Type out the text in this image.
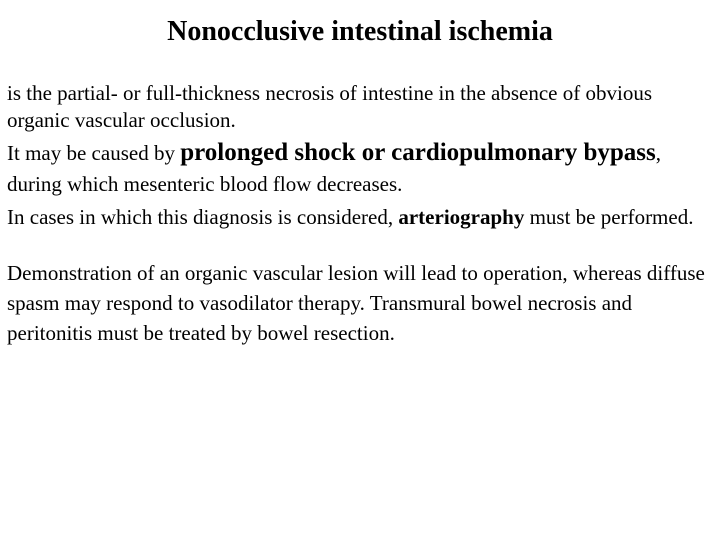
Nonocclusive intestinal ischemia

is the partial- or full-thickness necrosis of intestine in the absence of obvious organic vascular occlusion.

It may be caused by prolonged shock or cardiopulmonary bypass, during which mesenteric blood flow decreases.

In cases in which this diagnosis is considered, arteriography must be performed.

Demonstration of an organic vascular lesion will lead to operation, whereas diffuse spasm may respond to vasodilator therapy. Transmural bowel necrosis and peritonitis must be treated by bowel resection.
